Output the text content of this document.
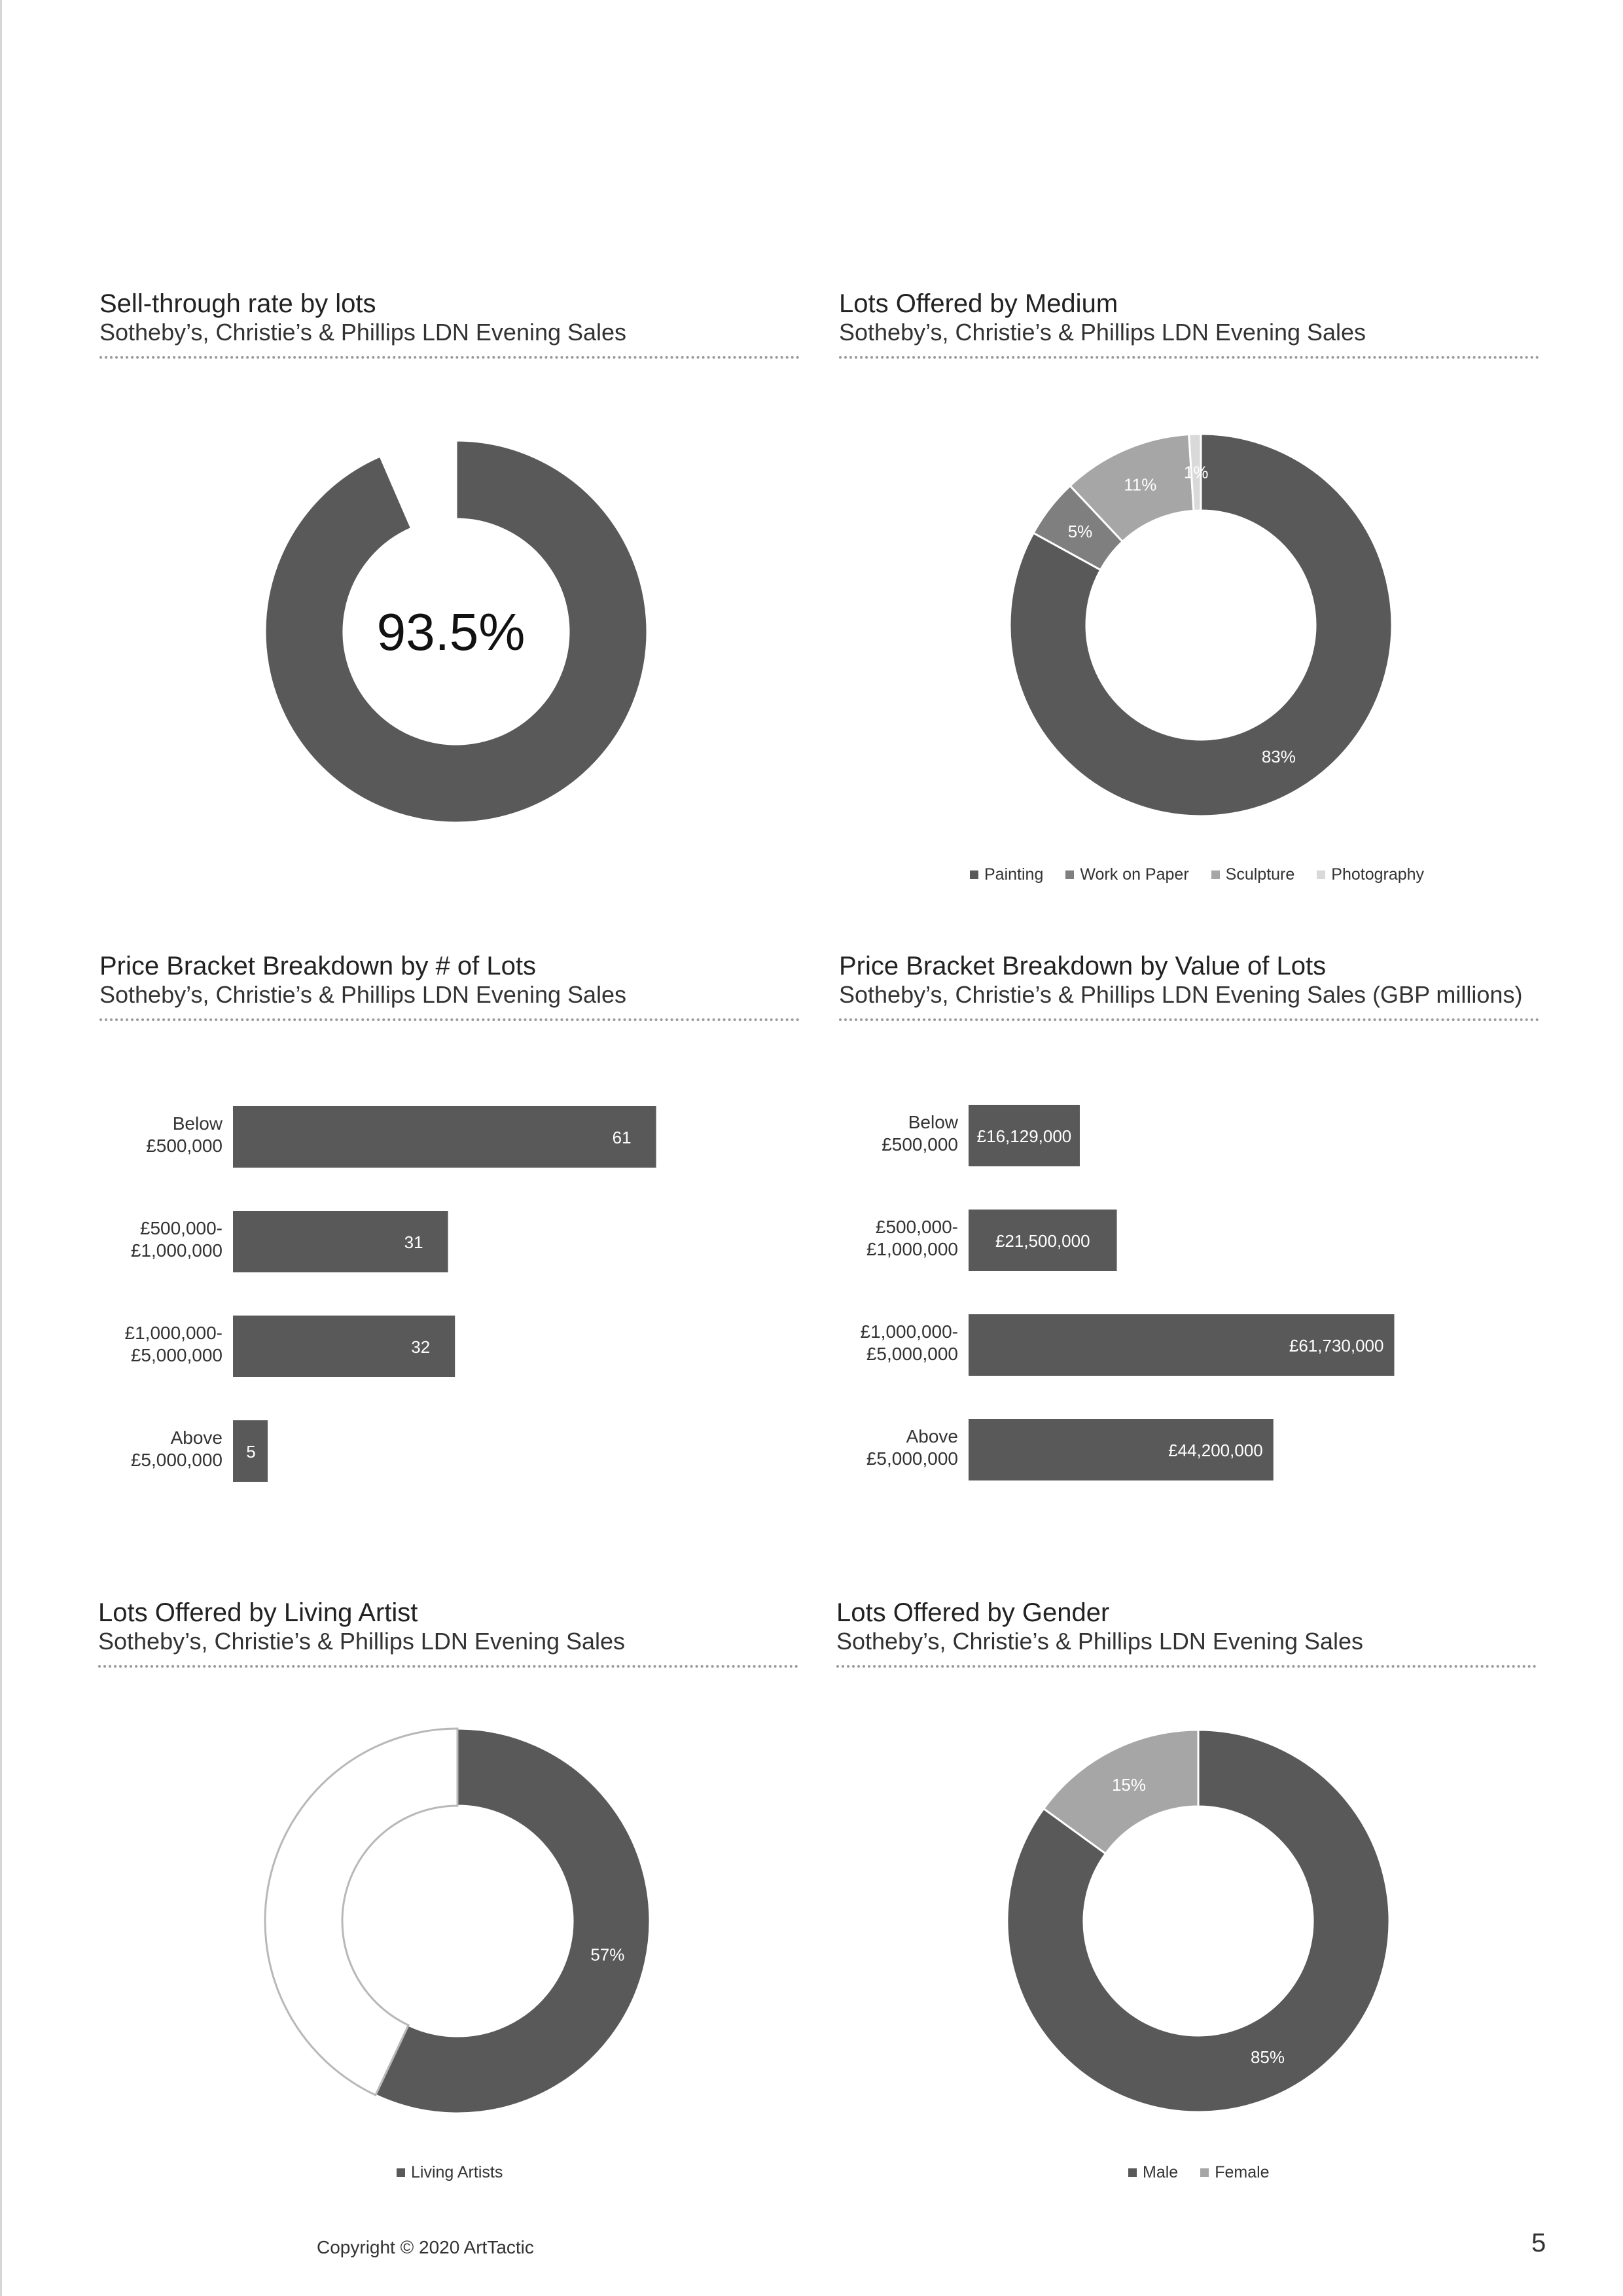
Sell-through rate by lots
Sotheby’s, Christie’s & Phillips LDN Evening Sales
93.5%
Lots Offered by Medium
Sotheby’s, Christie’s & Phillips LDN Evening Sales
83%
5%
11%
1%
Painting Work on Paper Sculpture Photography
Price Bracket Breakdown by # of Lots
Sotheby’s, Christie’s & Phillips LDN Evening Sales
Below
£500,000	61
£500,000-
£1,000,000	31
£1,000,000-
£5,000,000	32
Above
£5,000,000 5
Price Bracket Breakdown by Value of Lots
Sotheby’s, Christie’s & Phillips LDN Evening Sales (GBP millions)
Below
£500,000 £16,129,000
£500,000-
£1,000,000 £21,500,000
£1,000,000-
£5,000,000	£61,730,000
Above
£5,000,000	£44,200,000
Lots Offered by Living Artist
Sotheby’s, Christie’s & Phillips LDN Evening Sales
57%
Living Artists
Lots Offered by Gender
Sotheby’s, Christie’s & Phillips LDN Evening Sales
85%
15%
Male Female
Copyright © 2020 ArtTactic	5
